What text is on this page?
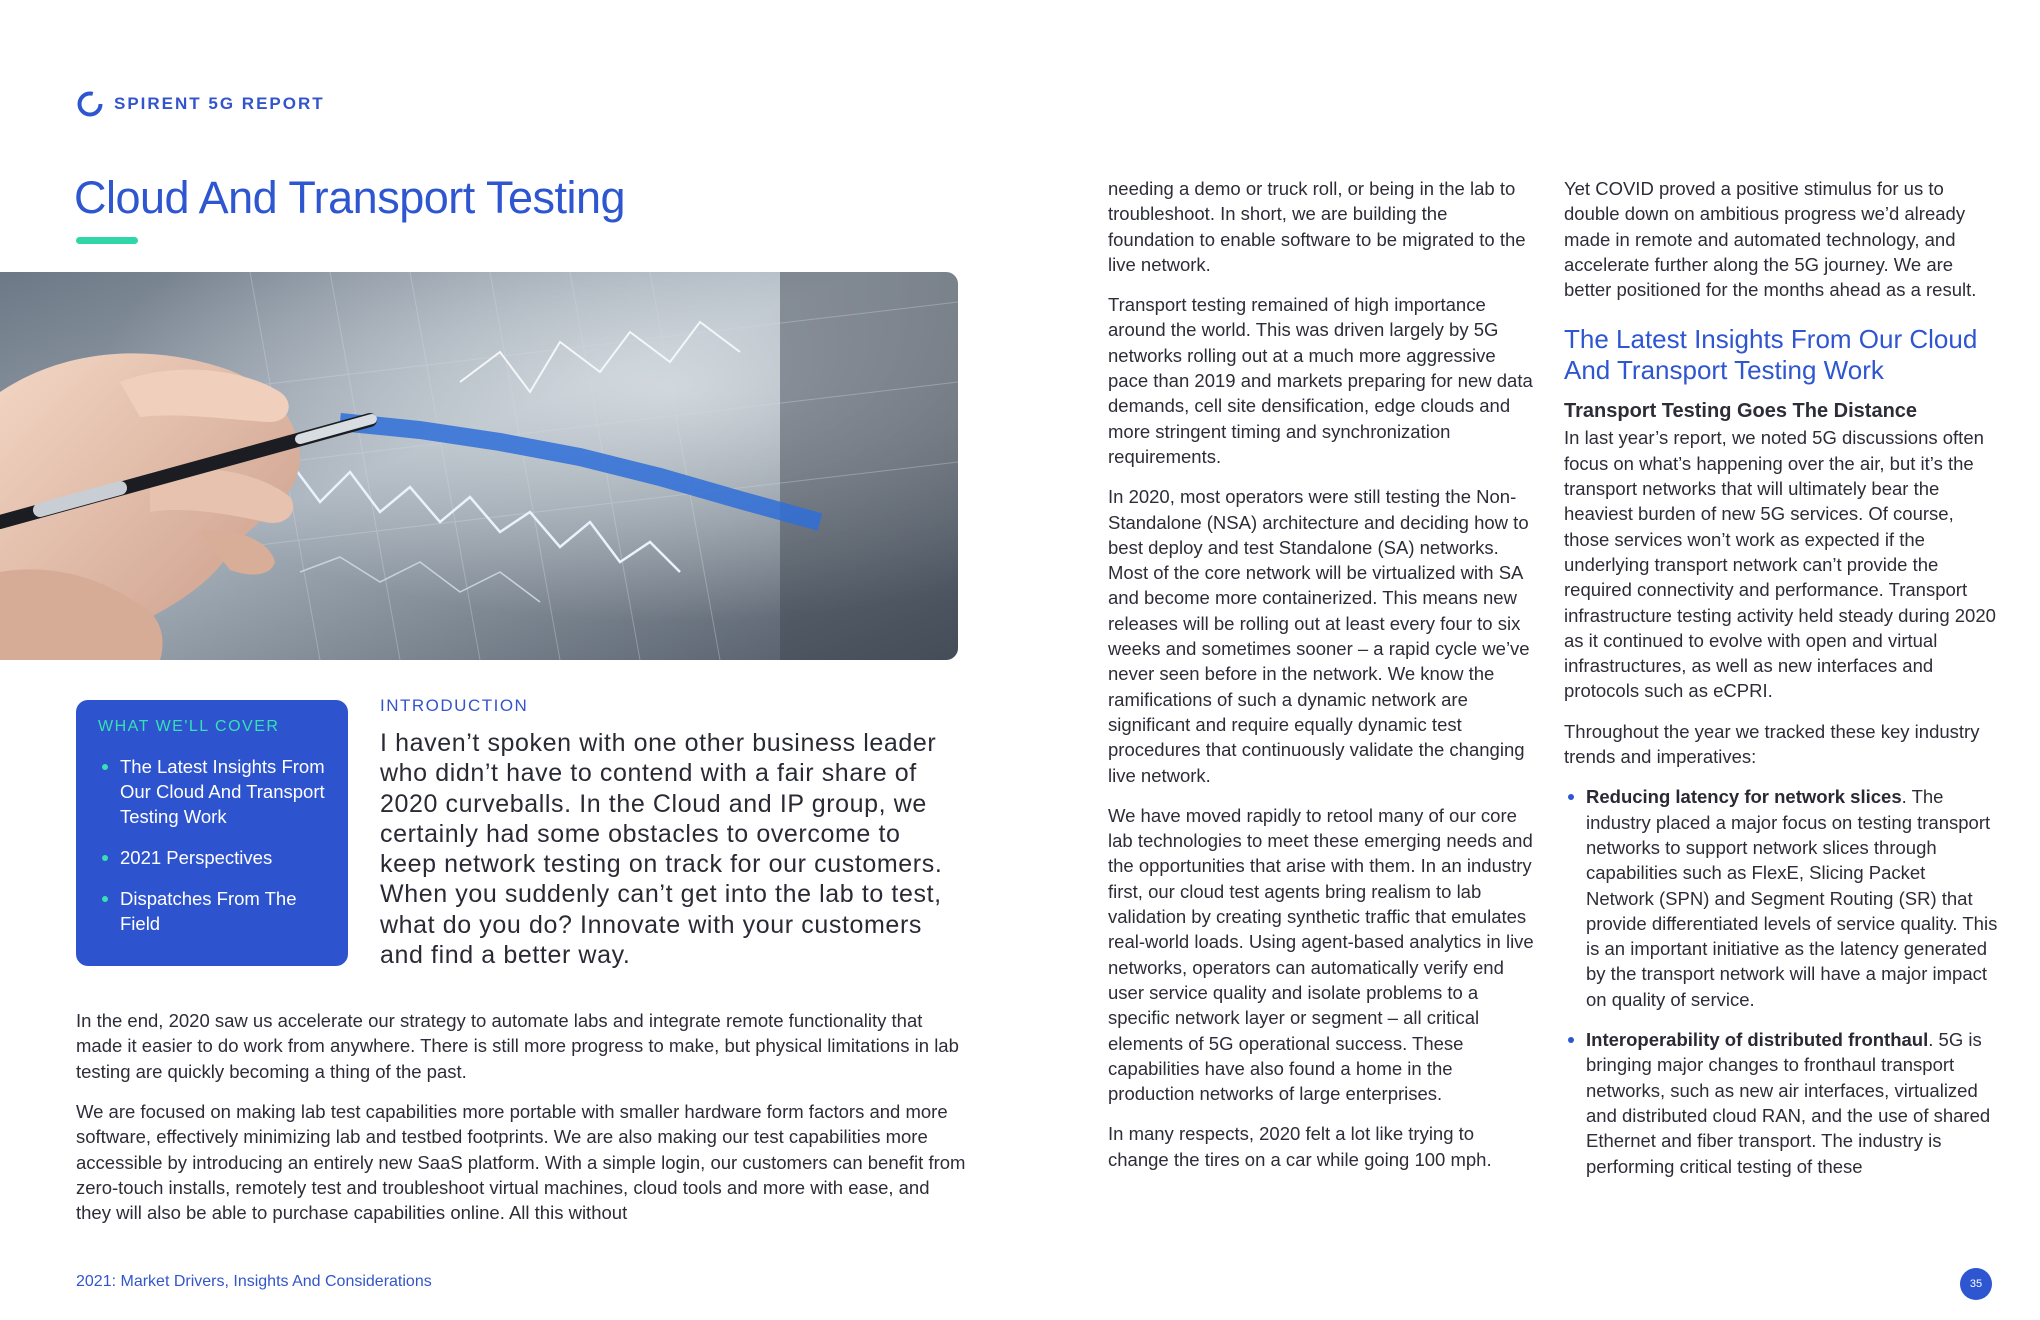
SPIRENT 5G REPORT
Cloud And Transport Testing
WHAT WE'LL COVER
The Latest Insights From Our Cloud And Transport Testing Work
2021 Perspectives
Dispatches From The Field
INTRODUCTION
I haven’t spoken with one other business leader who didn’t have to contend with a fair share of 2020 curveballs. In the Cloud and IP group, we certainly had some obstacles to overcome to keep network testing on track for our customers. When you suddenly can’t get into the lab to test, what do you do? Innovate with your customers and find a better way.
In the end, 2020 saw us accelerate our strategy to automate labs and integrate remote functionality that made it easier to do work from anywhere. There is still more progress to make, but physical limitations in lab testing are quickly becoming a thing of the past.
We are focused on making lab test capabilities more portable with smaller hardware form factors and more software, effectively minimizing lab and testbed footprints. We are also making our test capabilities more accessible by introducing an entirely new SaaS platform. With a simple login, our customers can benefit from zero-touch installs, remotely test and troubleshoot virtual machines, cloud tools and more with ease, and they will also be able to purchase capabilities online. All this without

needing a demo or truck roll, or being in the lab to troubleshoot. In short, we are building the foundation to enable software to be migrated to the live network.

Transport testing remained of high importance around the world. This was driven largely by 5G networks rolling out at a much more aggressive pace than 2019 and markets preparing for new data demands, cell site densification, edge clouds and more stringent timing and synchronization requirements.

In 2020, most operators were still testing the Non-Standalone (NSA) architecture and deciding how to best deploy and test Standalone (SA) networks. Most of the core network will be virtualized with SA and become more containerized. This means new releases will be rolling out at least every four to six weeks and sometimes sooner – a rapid cycle we’ve never seen before in the network. We know the ramifications of such a dynamic network are significant and require equally dynamic test procedures that continuously validate the changing live network.

We have moved rapidly to retool many of our core lab technologies to meet these emerging needs and the opportunities that arise with them. In an industry first, our cloud test agents bring realism to lab validation by creating synthetic traffic that emulates real-world loads. Using agent-based analytics in live networks, operators can automatically verify end user service quality and isolate problems to a specific network layer or segment – all critical elements of 5G operational success. These capabilities have also found a home in the production networks of large enterprises.

In many respects, 2020 felt a lot like trying to change the tires on a car while going 100 mph.

Yet COVID proved a positive stimulus for us to double down on ambitious progress we’d already made in remote and automated technology, and accelerate further along the 5G journey. We are better positioned for the months ahead as a result.

The Latest Insights From Our Cloud And Transport Testing Work
Transport Testing Goes The Distance

In last year’s report, we noted 5G discussions often focus on what’s happening over the air, but it’s the transport networks that will ultimately bear the heaviest burden of new 5G services. Of course, those services won’t work as expected if the underlying transport network can’t provide the required connectivity and performance. Transport infrastructure testing activity held steady during 2020 as it continued to evolve with open and virtual infrastructures, as well as new interfaces and protocols such as eCPRI.

Throughout the year we tracked these key industry trends and imperatives:

Reducing latency for network slices. The industry placed a major focus on testing transport networks to support network slices through capabilities such as FlexE, Slicing Packet Network (SPN) and Segment Routing (SR) that provide differentiated levels of service quality. This is an important initiative as the latency generated by the transport network will have a major impact on quality of service.
Interoperability of distributed fronthaul. 5G is bringing major changes to fronthaul transport networks, such as new air interfaces, virtualized and distributed cloud RAN, and the use of shared Ethernet and fiber transport. The industry is performing critical testing of these
2021: Market Drivers, Insights And Considerations	35
